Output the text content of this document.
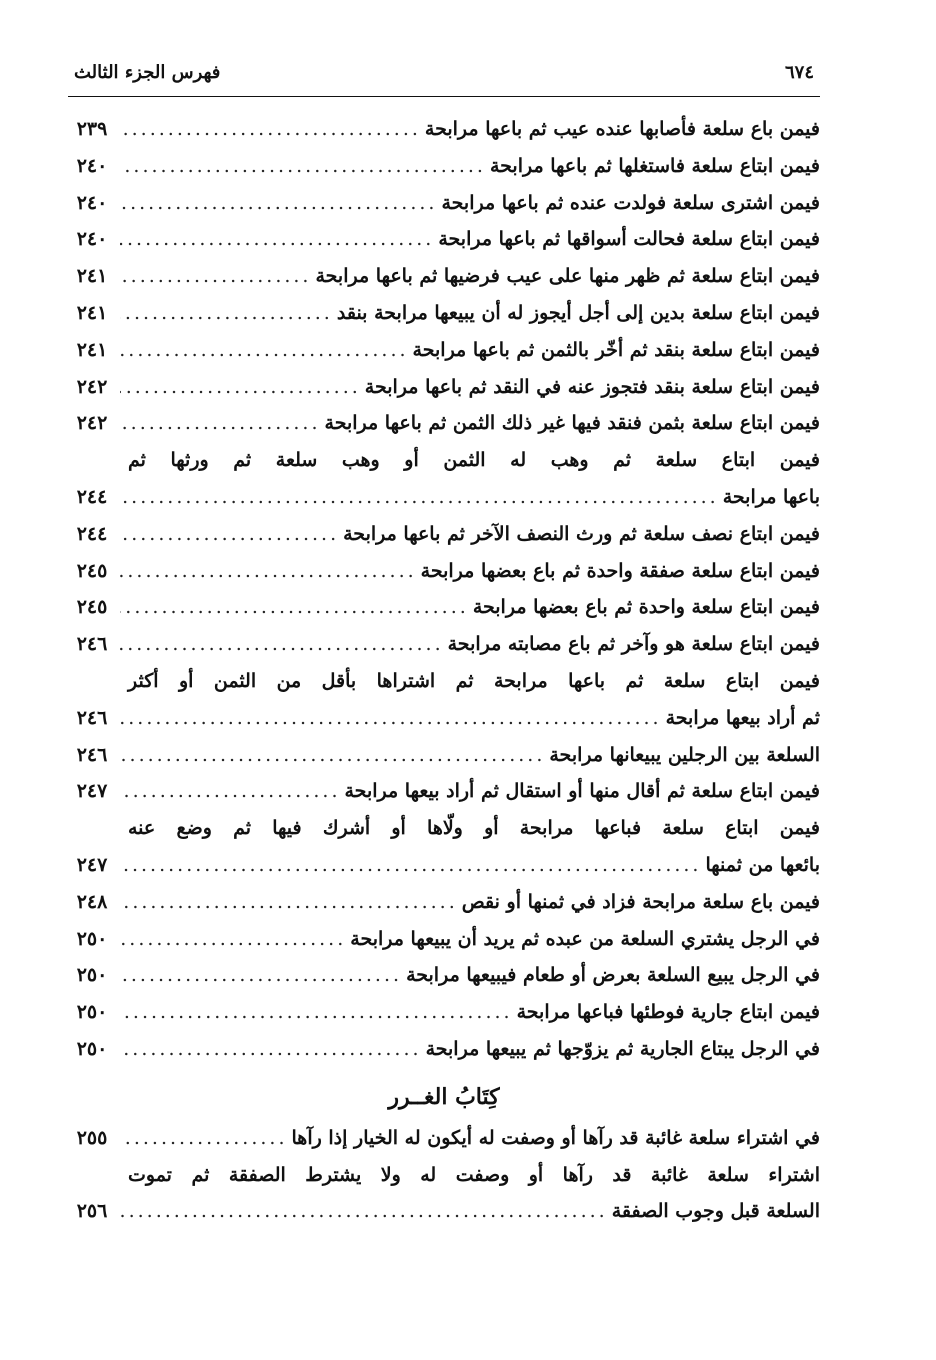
٦٧٤
فهرس الجزء الثالث
فيمن باع سلعة فأصابها عنده عيب ثم باعها مرابحة
.....
٢٣٩
فيمن ابتاع سلعة فاستغلها ثم باعها مرابحة
.....
٢٤٠
فيمن اشترى سلعة فولدت عنده ثم باعها مرابحة
.....
٢٤٠
فيمن ابتاع سلعة فحالت أسواقها ثم باعها مرابحة
.....
٢٤٠
فيمن ابتاع سلعة ثم ظهر منها على عيب فرضيها ثم باعها مرابحة
.....
٢٤١
فيمن ابتاع سلعة بدين إلى أجل أيجوز له أن يبيعها مرابحة بنقد
.....
٢٤١
فيمن ابتاع سلعة بنقد ثم أخّر بالثمن ثم باعها مرابحة
.....
٢٤١
فيمن ابتاع سلعة بنقد فتجوز عنه في النقد ثم باعها مرابحة
.....
٢٤٢
فيمن ابتاع سلعة بثمن فنقد فيها غير ذلك الثمن ثم باعها مرابحة
.....
٢٤٢
فيمن ابتاع سلعة ثم وهب له الثمن أو وهب سلعة ثم ورثها ثم
باعها مرابحة
.....
٢٤٤
فيمن ابتاع نصف سلعة ثم ورث النصف الآخر ثم باعها مرابحة
.....
٢٤٤
فيمن ابتاع سلعة صفقة واحدة ثم باع بعضها مرابحة
.....
٢٤٥
فيمن ابتاع سلعة واحدة ثم باع بعضها مرابحة
.....
٢٤٥
فيمن ابتاع سلعة هو وآخر ثم باع مصابته مرابحة
.....
٢٤٦
فيمن ابتاع سلعة ثم باعها مرابحة ثم اشتراها بأقل من الثمن أو أكثر
ثم أراد بيعها مرابحة
.....
٢٤٦
السلعة بين الرجلين يبيعانها مرابحة
.....
٢٤٦
فيمن ابتاع سلعة ثم أقال منها أو استقال ثم أراد بيعها مرابحة
.....
٢٤٧
فيمن ابتاع سلعة فباعها مرابحة أو ولّاها أو أشرك فيها ثم وضع عنه
بائعها من ثمنها
.....
٢٤٧
فيمن باع سلعة مرابحة فزاد في ثمنها أو نقص
.....
٢٤٨
في الرجل يشتري السلعة من عبده ثم يريد أن يبيعها مرابحة
.....
٢٥٠
في الرجل يبيع السلعة بعرض أو طعام فيبيعها مرابحة
.....
٢٥٠
فيمن ابتاع جارية فوطئها فباعها مرابحة
.....
٢٥٠
في الرجل يبتاع الجارية ثم يزوّجها ثم يبيعها مرابحة
.....
٢٥٠
كِتَابُ الغــرر
في اشتراء سلعة غائبة قد رآها أو وصفت له أيكون له الخيار إذا رآها
.....
٢٥٥
اشتراء سلعة غائبة قد رآها أو وصفت له ولا يشترط الصفقة ثم تموت
السلعة قبل وجوب الصفقة
.....
٢٥٦
